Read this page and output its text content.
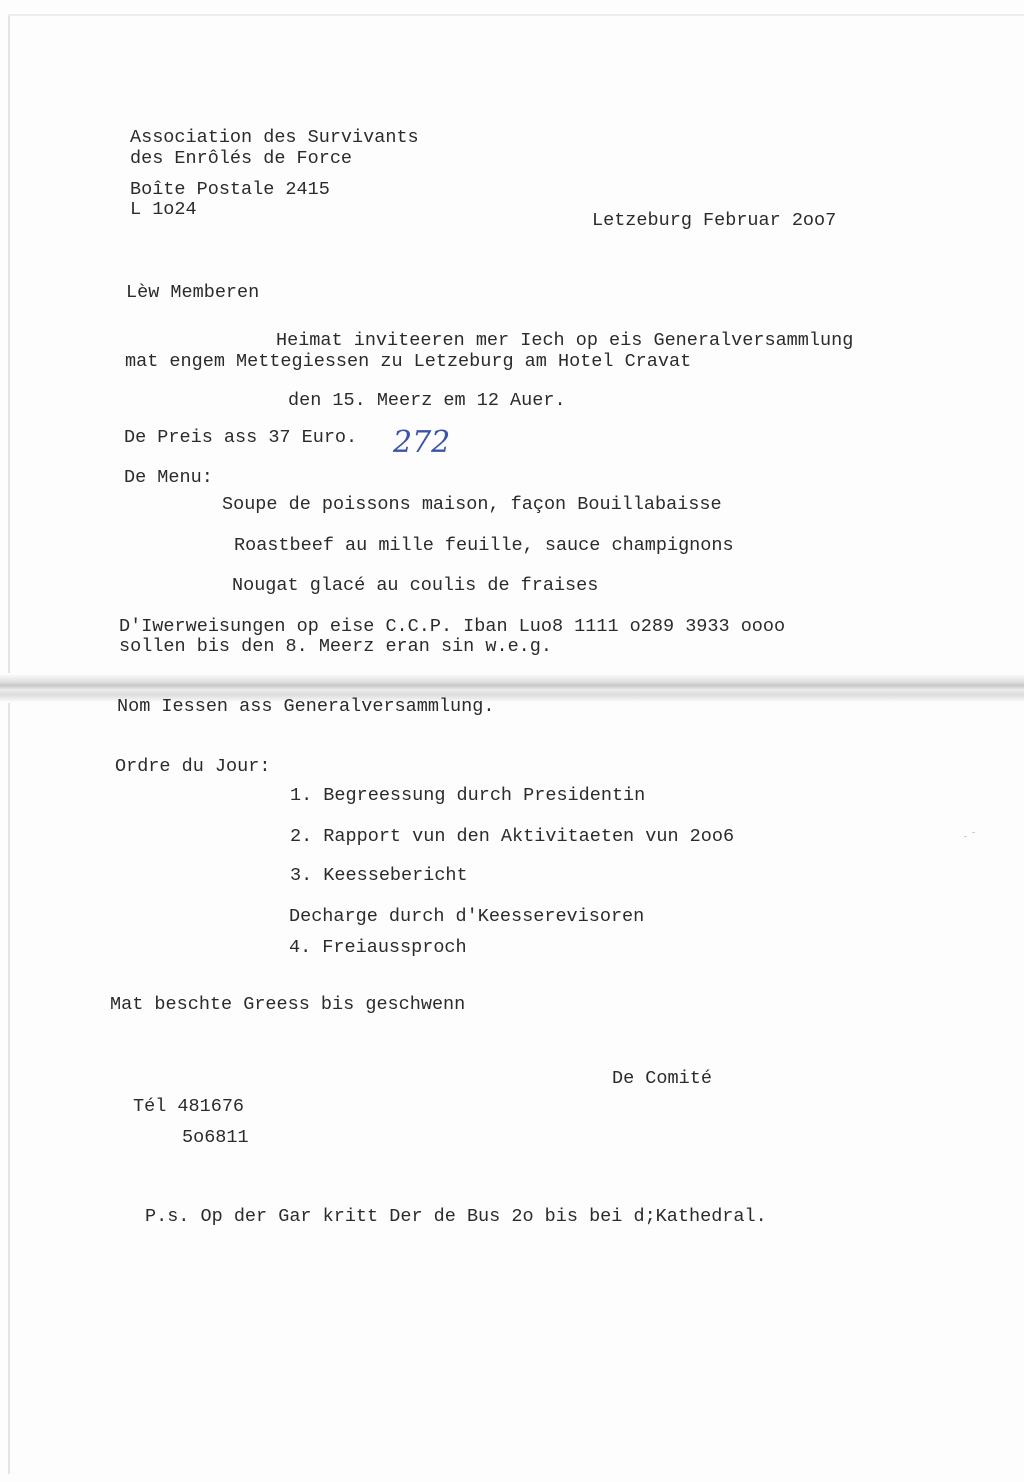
Association des Survivants
des Enrôlés de Force
Boîte Postale 2415
L 1o24
Letzeburg Februar 2oo7
Lèw Memberen
Heimat inviteeren mer Iech op eis Generalversammlung
mat engem Mettegiessen zu Letzeburg am Hotel Cravat
den 15. Meerz em 12 Auer.
De Preis ass 37 Euro. 272
De Menu:
Soupe de poissons maison, façon Bouillabaisse
Roastbeef au mille feuille, sauce champignons
Nougat glacé au coulis de fraises
D'Iwerweisungen op eise C.C.P. Iban Luo8 1111 o289 3933 oooo
sollen bis den 8. Meerz eran sin w.e.g.
Nom Iessen ass Generalversammlung.
Ordre du Jour:
1. Begreessung durch Presidentin
2. Rapport vun den Aktivitaeten vun 2oo6
3. Keessebericht
Decharge durch d'Keesserevisoren
4. Freiaussproch
Mat beschte Greess bis geschwenn
De Comité
Tél 481676
5o6811
P.s. Op der Gar kritt Der de Bus 2o bis bei d;Kathedral.
